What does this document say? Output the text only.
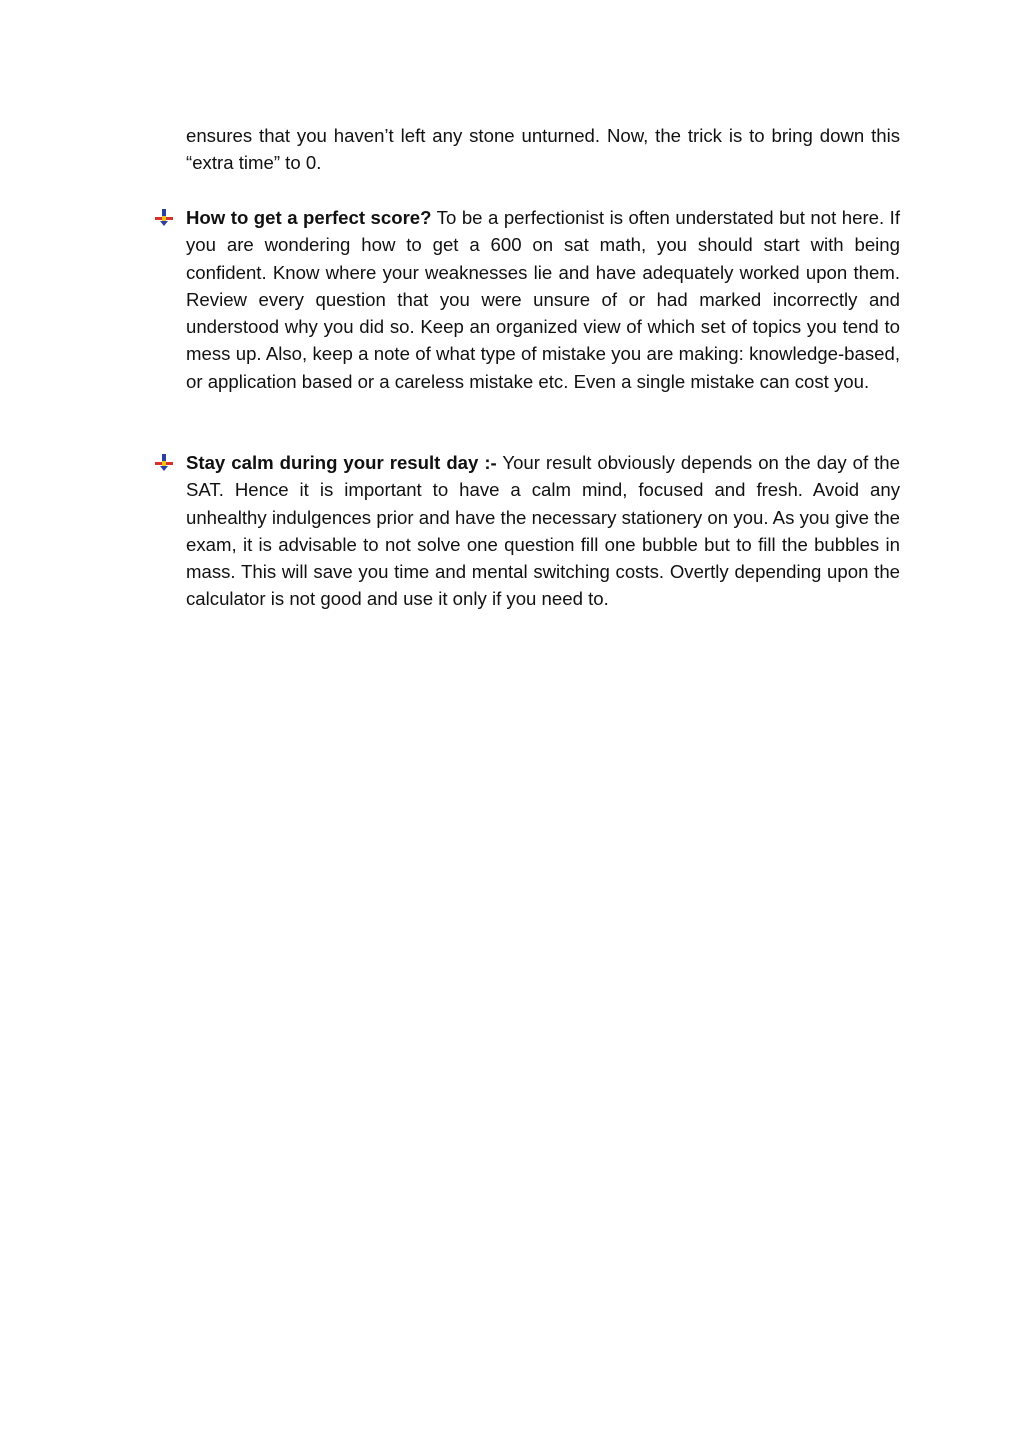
ensures that you haven’t left any stone unturned. Now, the trick is to bring down this “extra time” to 0.

How to get a perfect score? To be a perfectionist is often understated but not here. If you are wondering how to get a 600 on sat math, you should start with being confident. Know where your weaknesses lie and have adequately worked upon them. Review every question that you were unsure of or had marked incorrectly and understood why you did so. Keep an organized view of which set of topics you tend to mess up. Also, keep a note of what type of mistake you are making: knowledge-based, or application based or a careless mistake etc. Even a single mistake can cost you.

Stay calm during your result day :- Your result obviously depends on the day of the SAT. Hence it is important to have a calm mind, focused and fresh. Avoid any unhealthy indulgences prior and have the necessary stationery on you. As you give the exam, it is advisable to not solve one question fill one bubble but to fill the bubbles in mass. This will save you time and mental switching costs. Overtly depending upon the calculator is not good and use it only if you need to.
